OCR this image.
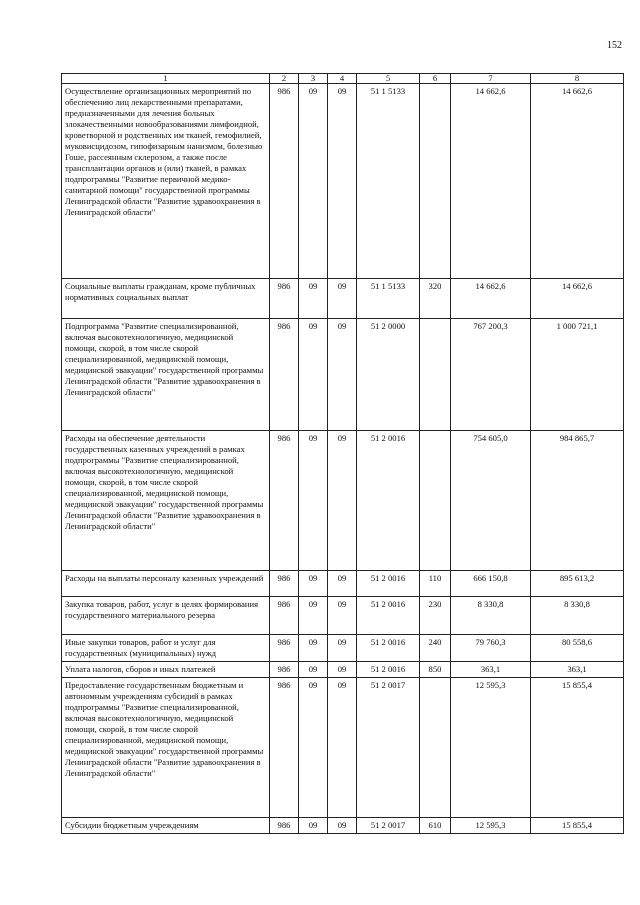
152
1	2	3	4	5	6	7	8
Осуществление организационных мероприятий по обеспечению лиц лекарственными препаратами, предназначенными для лечения больных злокачественными новообразованиями лимфоидной, кроветворной и родственных им тканей, гемофилией, муковисцидозом, гипофизарным нанизмом, болезнью Гоше, рассеянным склерозом, а также после трансплантации органов и (или) тканей, в рамках подпрограммы "Развитие первичной медико-санитарной помощи" государственной программы Ленинградской области "Развитие здравоохранения в Ленинградской области"	986	09	09	51 1 5133		14 662,6	14 662,6
Социальные выплаты гражданам, кроме публичных нормативных социальных выплат	986	09	09	51 1 5133	320	14 662,6	14 662,6
Подпрограмма "Развитие специализированной, включая высокотехнологичную, медицинской помощи, скорой, в том числе скорой специализированной, медицинской помощи, медицинской эвакуации" государственной программы Ленинградской области "Развитие здравоохранения в Ленинградской области"	986	09	09	51 2 0000		767 200,3	1 000 721,1
Расходы на обеспечение деятельности государственных казенных учреждений в рамках подпрограммы "Развитие специализированной, включая высокотехнологичную, медицинской помощи, скорой, в том числе скорой специализированной, медицинской помощи, медицинской эвакуации" государственной программы Ленинградской области "Развитие здравоохранения в Ленинградской области"	986	09	09	51 2 0016		754 605,0	984 865,7
Расходы на выплаты персоналу казенных учреждений	986	09	09	51 2 0016	110	666 150,8	895 613,2
Закупка товаров, работ, услуг в целях формирования государственного материального резерва	986	09	09	51 2 0016	230	8 330,8	8 330,8
Иные закупки товаров, работ и услуг для государственных (муниципальных) нужд	986	09	09	51 2 0016	240	79 760,3	80 558,6
Уплата налогов, сборов и иных платежей	986	09	09	51 2 0016	850	363,1	363,1
Предоставление государственным бюджетным и автономным учреждениям субсидий в рамках подпрограммы "Развитие специализированной, включая высокотехнологичную, медицинской помощи, скорой, в том числе скорой специализированной, медицинской помощи, медицинской эвакуации" государственной программы Ленинградской области "Развитие здравоохранения в Ленинградской области"	986	09	09	51 2 0017		12 595,3	15 855,4
Субсидии бюджетным учреждениям	986	09	09	51 2 0017	610	12 595,3	15 855,4
